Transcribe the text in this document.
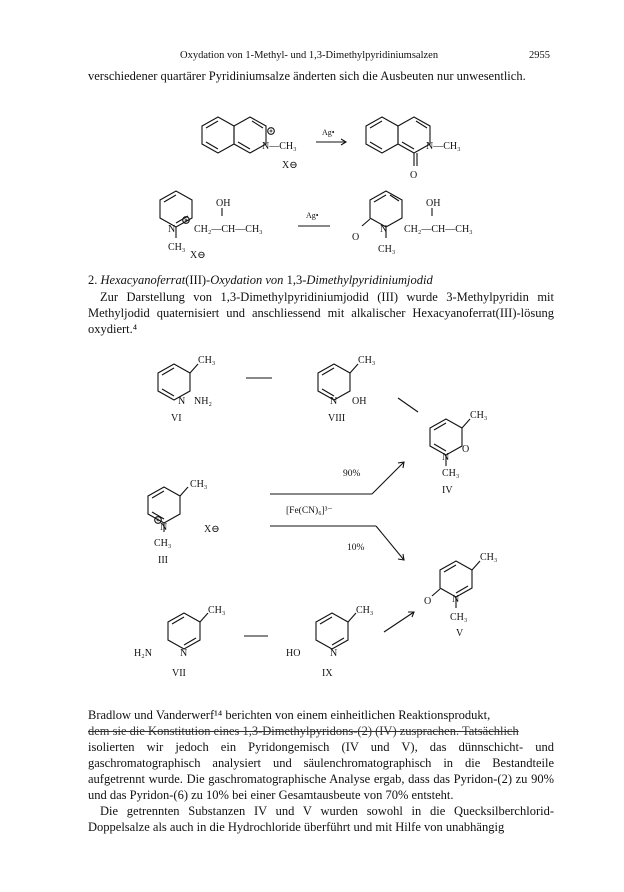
Oxydation von 1-Methyl- und 1,3-Dimethylpyridiniumsalzen	2955
verschiedener quartärer Pyridiniumsalze änderten sich die Ausbeuten nur unwesentlich.
N—CH₃
X⊖
Ag•
N—CH₃
O
N CH₂—CH—CH₃
OH
CH₃
X⊖
Ag•
O
N CH₂—CH—CH₃
OH
CH₃
CH₃
N NH₂
VI
CH₃
N OH
VIII	CH₃
N
O
CH₃
IV
CH₃
N	X⊖
CH₃
III
90%
[Fe(CN)₆]³⁻
10%
CH₃
O N
CH₃
V
CH₃
H₂N	N
VII
CH₃
HO	N
IX
2. Hexacyanoferrat(III)-Oxydation von 1,3-Dimethylpyridiniumjodid
Zur Darstellung von 1,3-Dimethylpyridiniumjodid (III) wurde 3-Methylpyridin mit Methyljodid quaternisiert und anschliessend mit alkalischer Hexacyanoferrat(III)-lösung oxydiert.⁴
Bradlow und Vanderwerf¹⁴ berichten von einem einheitlichen Reaktionsprodukt,
dem sie die Konstitution eines 1,3-Dimethylpyridons-(2) (IV) zusprachen. Tatsächlich
isolierten wir jedoch ein Pyridongemisch (IV und V), das dünnschicht- und gaschromatographisch analysiert und säulenchromatographisch in die Bestandteile aufgetrennt wurde. Die gaschromatographische Analyse ergab, dass das Pyridon-(2) zu 90% und das Pyridon-(6) zu 10% bei einer Gesamtausbeute von 70% entsteht.
Die getrennten Substanzen IV und V wurden sowohl in die Quecksilberchlorid-Doppelsalze als auch in die Hydrochloride überführt und mit Hilfe von unabhängig
